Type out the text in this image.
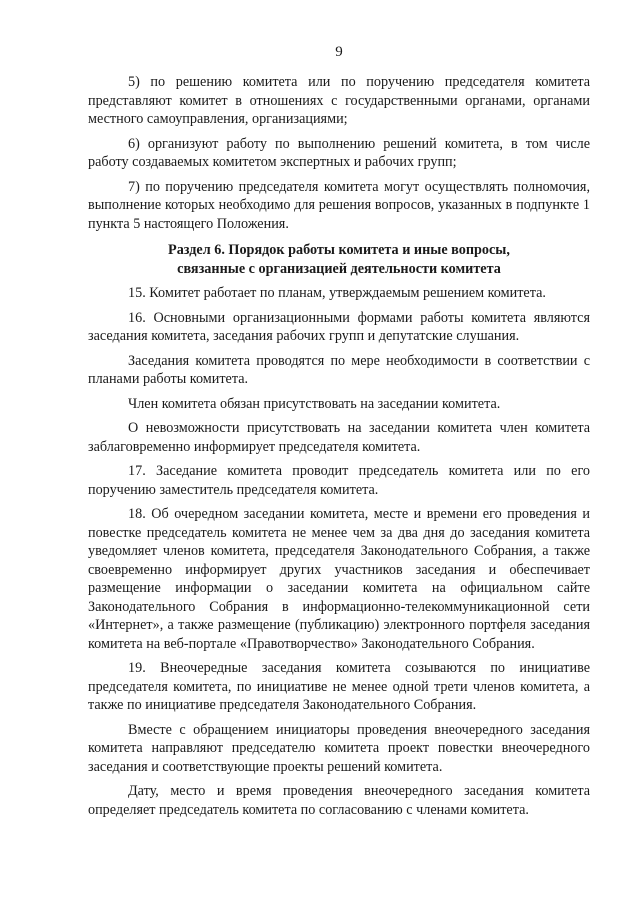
9

5) по решению комитета или по поручению председателя комитета представляют комитет в отношениях с государственными органами, органами местного самоуправления, организациями;

6) организуют работу по выполнению решений комитета, в том числе работу создаваемых комитетом экспертных и рабочих групп;

7) по поручению председателя комитета могут осуществлять полномочия, выполнение которых необходимо для решения вопросов, указанных в подпункте 1 пункта 5 настоящего Положения.

Раздел 6. Порядок работы комитета и иные вопросы,
связанные с организацией деятельности комитета

15. Комитет работает по планам, утверждаемым решением комитета.

16. Основными организационными формами работы комитета являются заседания комитета, заседания рабочих групп и депутатские слушания.

Заседания комитета проводятся по мере необходимости в соответствии с планами работы комитета.

Член комитета обязан присутствовать на заседании комитета.

О невозможности присутствовать на заседании комитета член комитета заблаговременно информирует председателя комитета.

17. Заседание комитета проводит председатель комитета или по его поручению заместитель председателя комитета.

18. Об очередном заседании комитета, месте и времени его проведения и повестке председатель комитета не менее чем за два дня до заседания комитета уведомляет членов комитета, председателя Законодательного Собрания, а также своевременно информирует других участников заседания и обеспечивает размещение информации о заседании комитета на официальном сайте Законодательного Собрания в информационно-телекоммуникационной сети «Интернет», а также размещение (публикацию) электронного портфеля заседания комитета на веб-портале «Правотворчество» Законодательного Собрания.

19. Внеочередные заседания комитета созываются по инициативе председателя комитета, по инициативе не менее одной трети членов комитета, а также по инициативе председателя Законодательного Собрания.

Вместе с обращением инициаторы проведения внеочередного заседания комитета направляют председателю комитета проект повестки внеочередного заседания и соответствующие проекты решений комитета.

Дату, место и время проведения внеочередного заседания комитета определяет председатель комитета по согласованию с членами комитета.
